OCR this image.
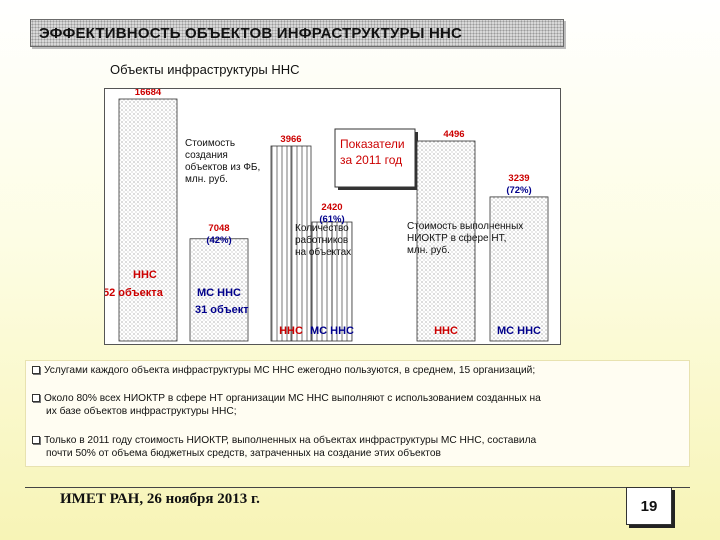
ЭФФЕКТИВНОСТЬ ОБЪЕКТОВ ИНФРАСТРУКТУРЫ ННС
Объекты инфраструктуры ННС
Показатели
за 2011 год
16684
ННС
52 объекта
7048
(42%)
МС ННС
31 объект
Стоимость
создания
объектов из ФБ,
млн. руб.
3966
ННС
2420
(61%)
МС ННС
Количество
работников
на объектах
4496
ННС
3239
(72%)
МС ННС
Стоимость выполненных
НИОКТР в сфере НТ,
млн. руб.
Услугами каждого объекта инфраструктуры МС ННС ежегодно пользуются, в среднем, 15 организаций;
Около 80% всех НИОКТР в сфере НТ организации МС ННС выполняют с использованием созданных на
их базе объектов инфраструктуры ННС;
Только в 2011 году стоимость НИОКТР, выполненных на объектах инфраструктуры МС ННС, составила
почти 50% от объема бюджетных средств, затраченных на создание этих объектов
ИМЕТ РАН, 26 ноября 2013 г.	19
